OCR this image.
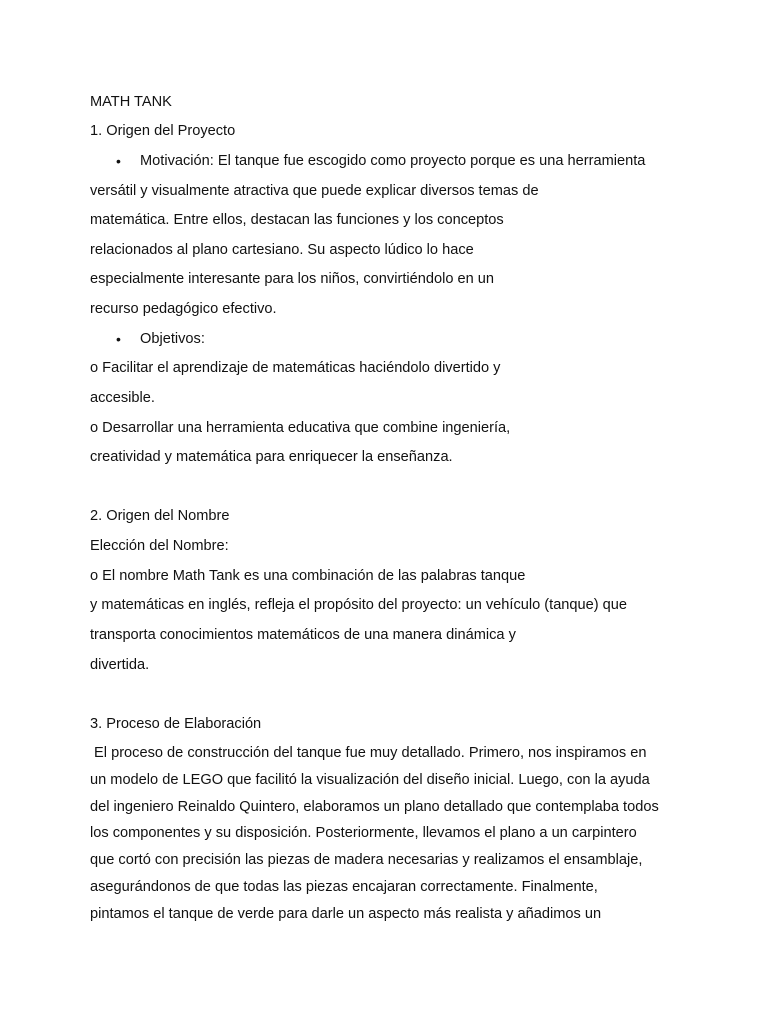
MATH TANK
1. Origen del Proyecto
• Motivación: El tanque fue escogido como proyecto porque es una herramienta
versátil y visualmente atractiva que puede explicar diversos temas de
matemática. Entre ellos, destacan las funciones y los conceptos
relacionados al plano cartesiano. Su aspecto lúdico lo hace
especialmente interesante para los niños, convirtiéndolo en un
recurso pedagógico efectivo.
• Objetivos:
o Facilitar el aprendizaje de matemáticas haciéndolo divertido y
accesible.
o Desarrollar una herramienta educativa que combine ingeniería,
creatividad y matemática para enriquecer la enseñanza.
2. Origen del Nombre
Elección del Nombre:
o El nombre Math Tank es una combinación de las palabras tanque
y matemáticas en inglés, refleja el propósito del proyecto: un vehículo (tanque) que
transporta conocimientos matemáticos de una manera dinámica y
divertida.
3. Proceso de Elaboración
El proceso de construcción del tanque fue muy detallado. Primero, nos inspiramos en
un modelo de LEGO que facilitó la visualización del diseño inicial. Luego, con la ayuda
del ingeniero Reinaldo Quintero, elaboramos un plano detallado que contemplaba todos
los componentes y su disposición. Posteriormente, llevamos el plano a un carpintero
que cortó con precisión las piezas de madera necesarias y realizamos el ensamblaje,
asegurándonos de que todas las piezas encajaran correctamente. Finalmente,
pintamos el tanque de verde para darle un aspecto más realista y añadimos un
